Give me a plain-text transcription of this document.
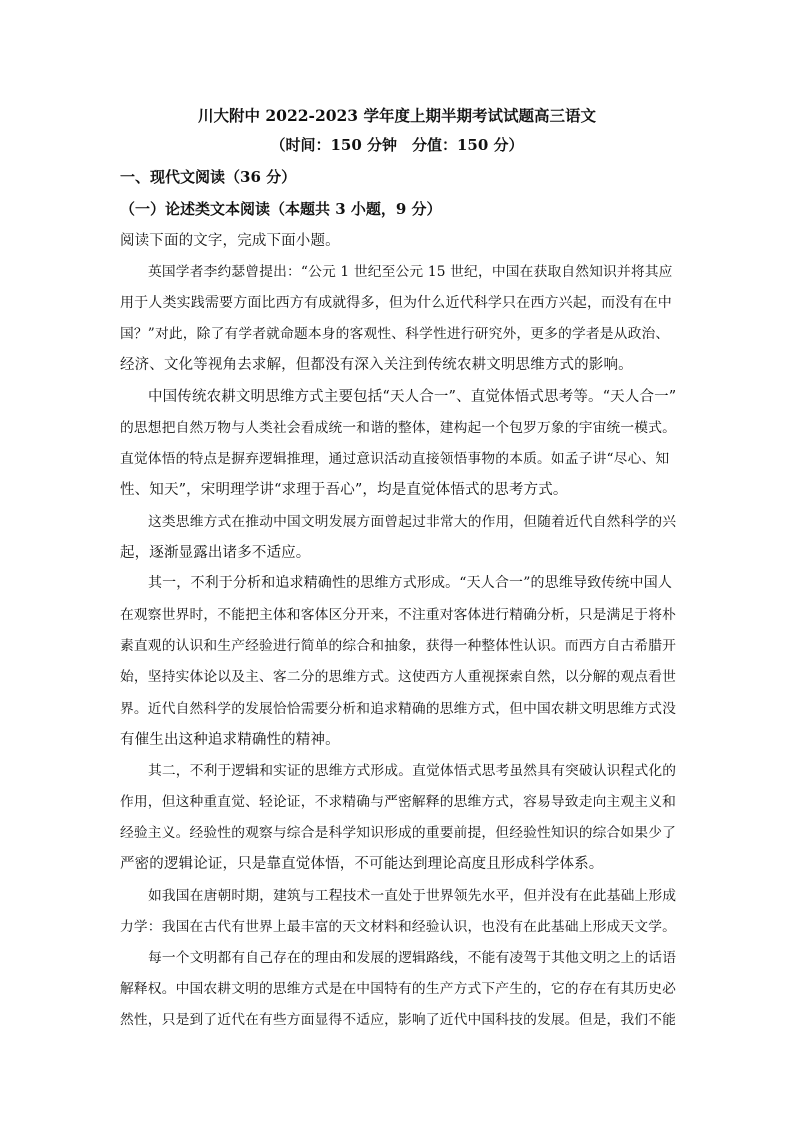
川大附中 2022-2023 学年度上期半期考试试题高三语文
（时间：150 分钟　分值：150 分）
一、现代文阅读（36 分）
（一）论述类文本阅读（本题共 3 小题，9 分）
阅读下面的文字，完成下面小题。
英国学者李约瑟曾提出：“公元 1 世纪至公元 15 世纪，中国在获取自然知识并将其应
用于人类实践需要方面比西方有成就得多，但为什么近代科学只在西方兴起，而没有在中
国？”对此，除了有学者就命题本身的客观性、科学性进行研究外，更多的学者是从政治、
经济、文化等视角去求解，但都没有深入关注到传统农耕文明思维方式的影响。
中国传统农耕文明思维方式主要包括“天人合一”、直觉体悟式思考等。“天人合一”
的思想把自然万物与人类社会看成统一和谐的整体，建构起一个包罗万象的宇宙统一模式。
直觉体悟的特点是摒弃逻辑推理，通过意识活动直接领悟事物的本质。如孟子讲“尽心、知
性、知天”，宋明理学讲“求理于吾心”，均是直觉体悟式的思考方式。
这类思维方式在推动中国文明发展方面曾起过非常大的作用，但随着近代自然科学的兴
起，逐渐显露出诸多不适应。
其一，不利于分析和追求精确性的思维方式形成。“天人合一”的思维导致传统中国人
在观察世界时，不能把主体和客体区分开来，不注重对客体进行精确分析，只是满足于将朴
素直观的认识和生产经验进行简单的综合和抽象，获得一种整体性认识。而西方自古希腊开
始，坚持实体论以及主、客二分的思维方式。这使西方人重视探索自然，以分解的观点看世
界。近代自然科学的发展恰恰需要分析和追求精确的思维方式，但中国农耕文明思维方式没
有催生出这种追求精确性的精神。
其二，不利于逻辑和实证的思维方式形成。直觉体悟式思考虽然具有突破认识程式化的
作用，但这种重直觉、轻论证，不求精确与严密解释的思维方式，容易导致走向主观主义和
经验主义。经验性的观察与综合是科学知识形成的重要前提，但经验性知识的综合如果少了
严密的逻辑论证，只是靠直觉体悟，不可能达到理论高度且形成科学体系。
如我国在唐朝时期，建筑与工程技术一直处于世界领先水平，但并没有在此基础上形成
力学：我国在古代有世界上最丰富的天文材料和经验认识，也没有在此基础上形成天文学。
每一个文明都有自己存在的理由和发展的逻辑路线，不能有凌驾于其他文明之上的话语
解释权。中国农耕文明的思维方式是在中国特有的生产方式下产生的，它的存在有其历史必
然性，只是到了近代在有些方面显得不适应，影响了近代中国科技的发展。但是，我们不能
